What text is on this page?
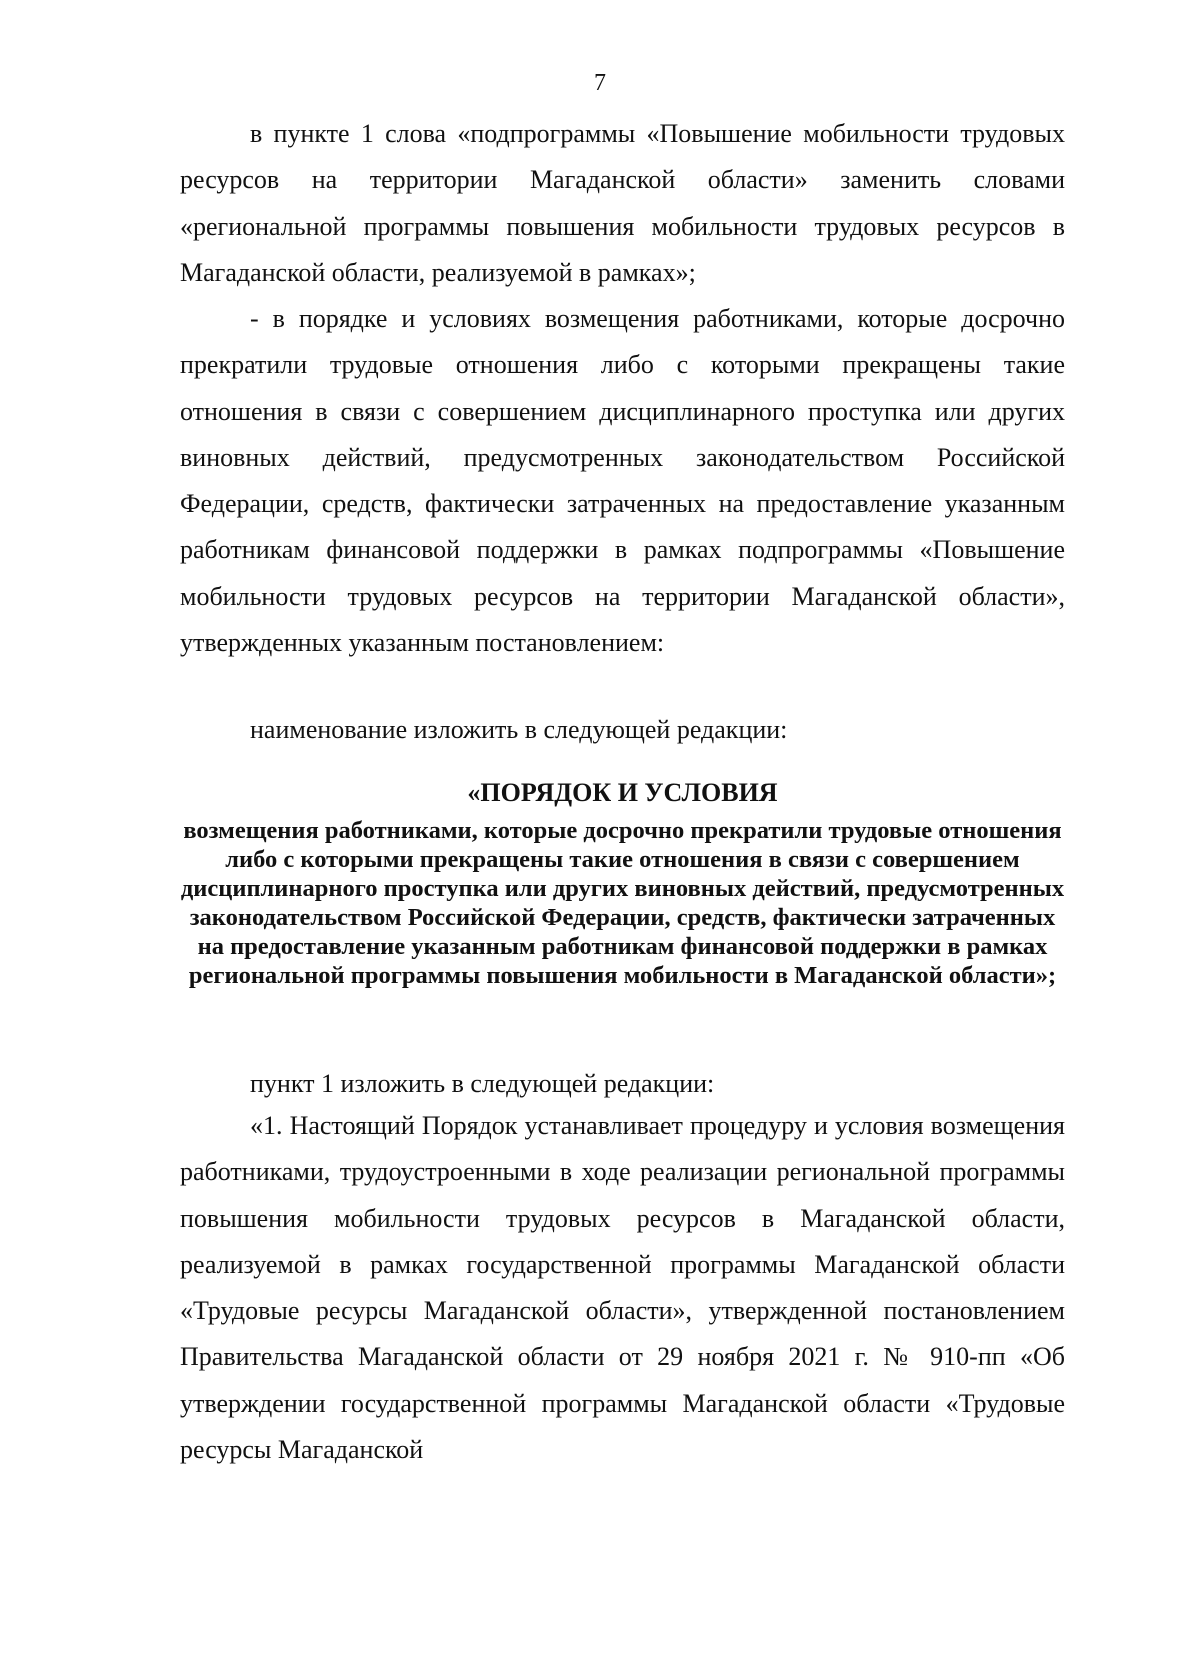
7

в пункте 1 слова «подпрограммы «Повышение мобильности трудовых ресурсов на территории Магаданской области» заменить словами «региональной программы повышения мобильности трудовых ресурсов в Магаданской области, реализуемой в рамках»;

- в порядке и условиях возмещения работниками, которые досрочно прекратили трудовые отношения либо с которыми прекращены такие отношения в связи с совершением дисциплинарного проступка или других виновных действий, предусмотренных законодательством Российской Федерации, средств, фактически затраченных на предоставление указанным работникам финансовой поддержки в рамках подпрограммы «Повышение мобильности трудовых ресурсов на территории Магаданской области», утвержденных указанным постановлением:

наименование изложить в следующей редакции:

«ПОРЯДОК И УСЛОВИЯ
возмещения работниками, которые досрочно прекратили трудовые отношения либо с которыми прекращены такие отношения в связи с совершением дисциплинарного проступка или других виновных действий, предусмотренных законодательством Российской Федерации, средств, фактически затраченных на предоставление указанным работникам финансовой поддержки в рамках региональной программы повышения мобильности в Магаданской области»;

пункт 1 изложить в следующей редакции:

«1. Настоящий Порядок устанавливает процедуру и условия возмещения работниками, трудоустроенными в ходе реализации региональной программы повышения мобильности трудовых ресурсов в Магаданской области, реализуемой в рамках государственной программы Магаданской области «Трудовые ресурсы Магаданской области», утвержденной постановлением Правительства Магаданской области от 29 ноября 2021 г. № 910-пп «Об утверждении государственной программы Магаданской области «Трудовые ресурсы Магаданской
